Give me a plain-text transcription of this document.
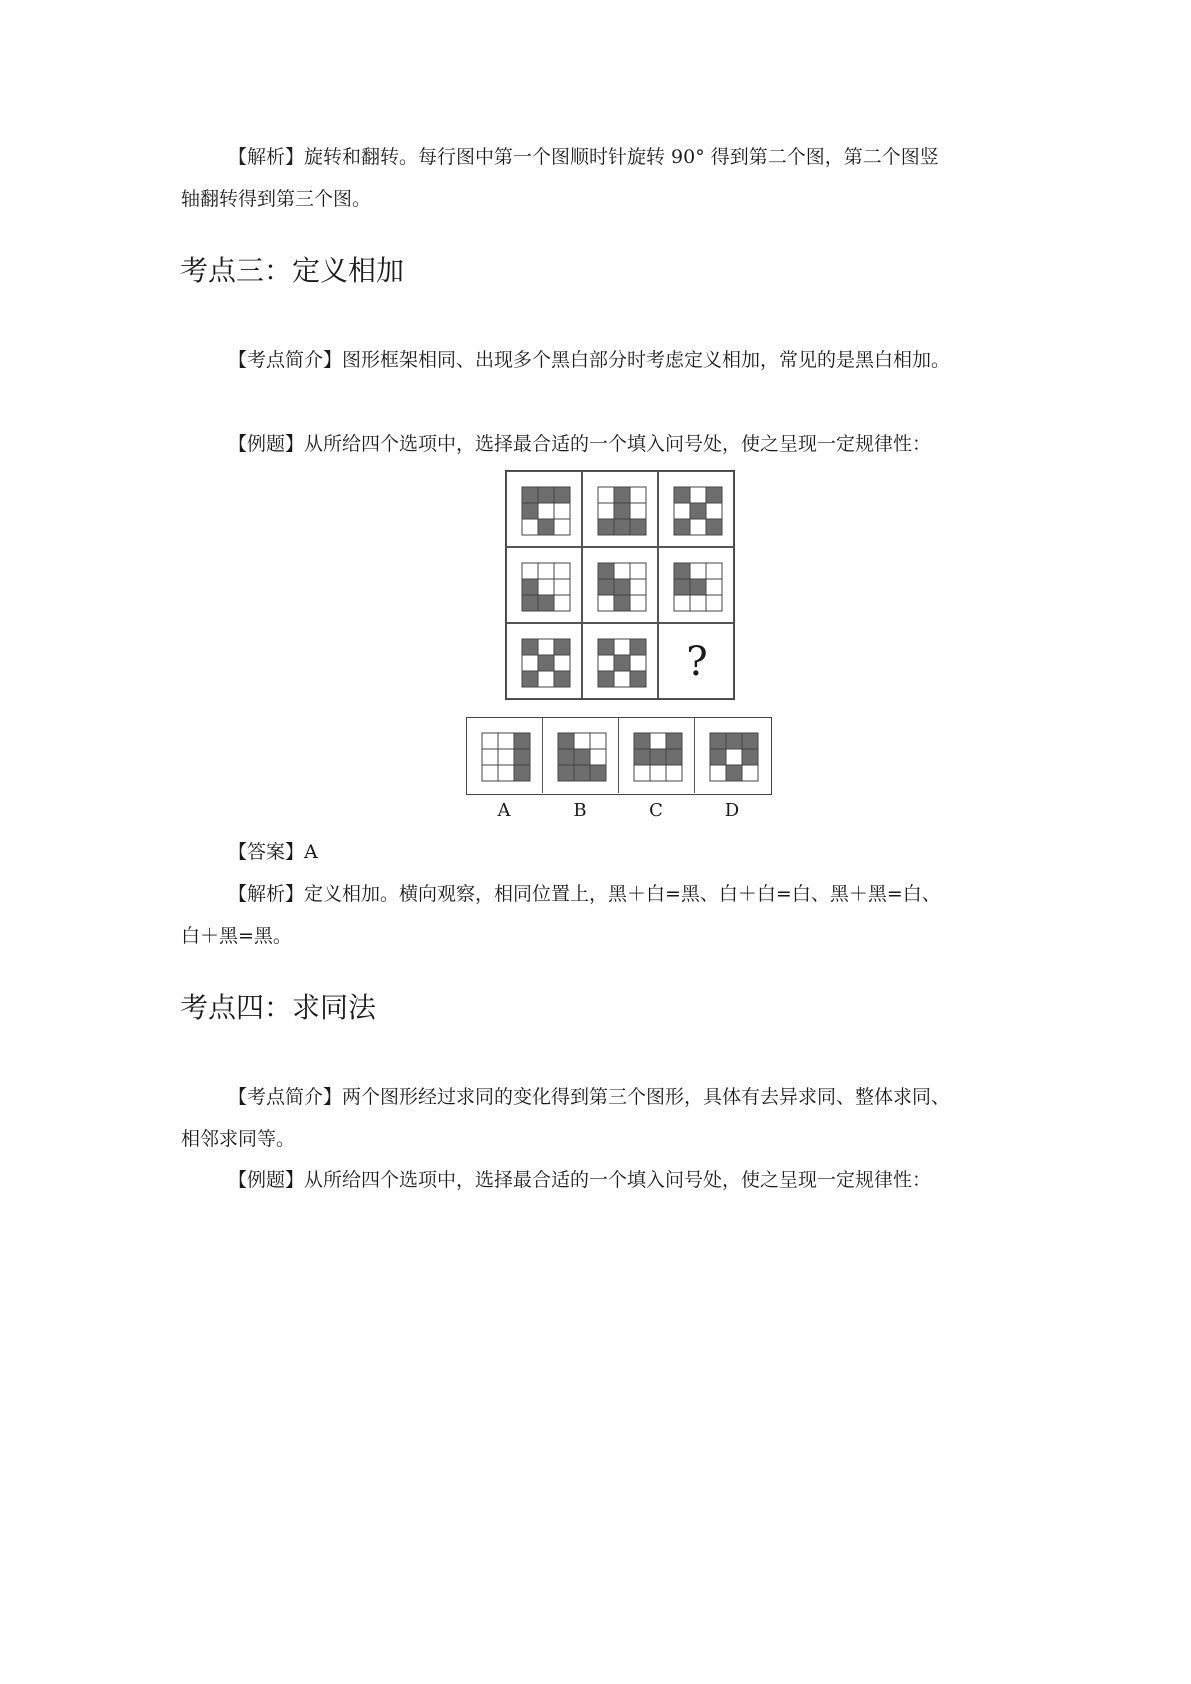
【解析】旋转和翻转。每行图中第一个图顺时针旋转 90° 得到第二个图，第二个图竖
轴翻转得到第三个图。
考点三：定义相加
【考点简介】图形框架相同、出现多个黑白部分时考虑定义相加，常见的是黑白相加。
【例题】从所给四个选项中，选择最合适的一个填入问号处，使之呈现一定规律性：
?
A	B	C	D
【答案】A
【解析】定义相加。横向观察，相同位置上，黑＋白=黑、白＋白=白、黑＋黑=白、
白＋黑=黑。
考点四：求同法
【考点简介】两个图形经过求同的变化得到第三个图形，具体有去异求同、整体求同、
相邻求同等。
【例题】从所给四个选项中，选择最合适的一个填入问号处，使之呈现一定规律性：
